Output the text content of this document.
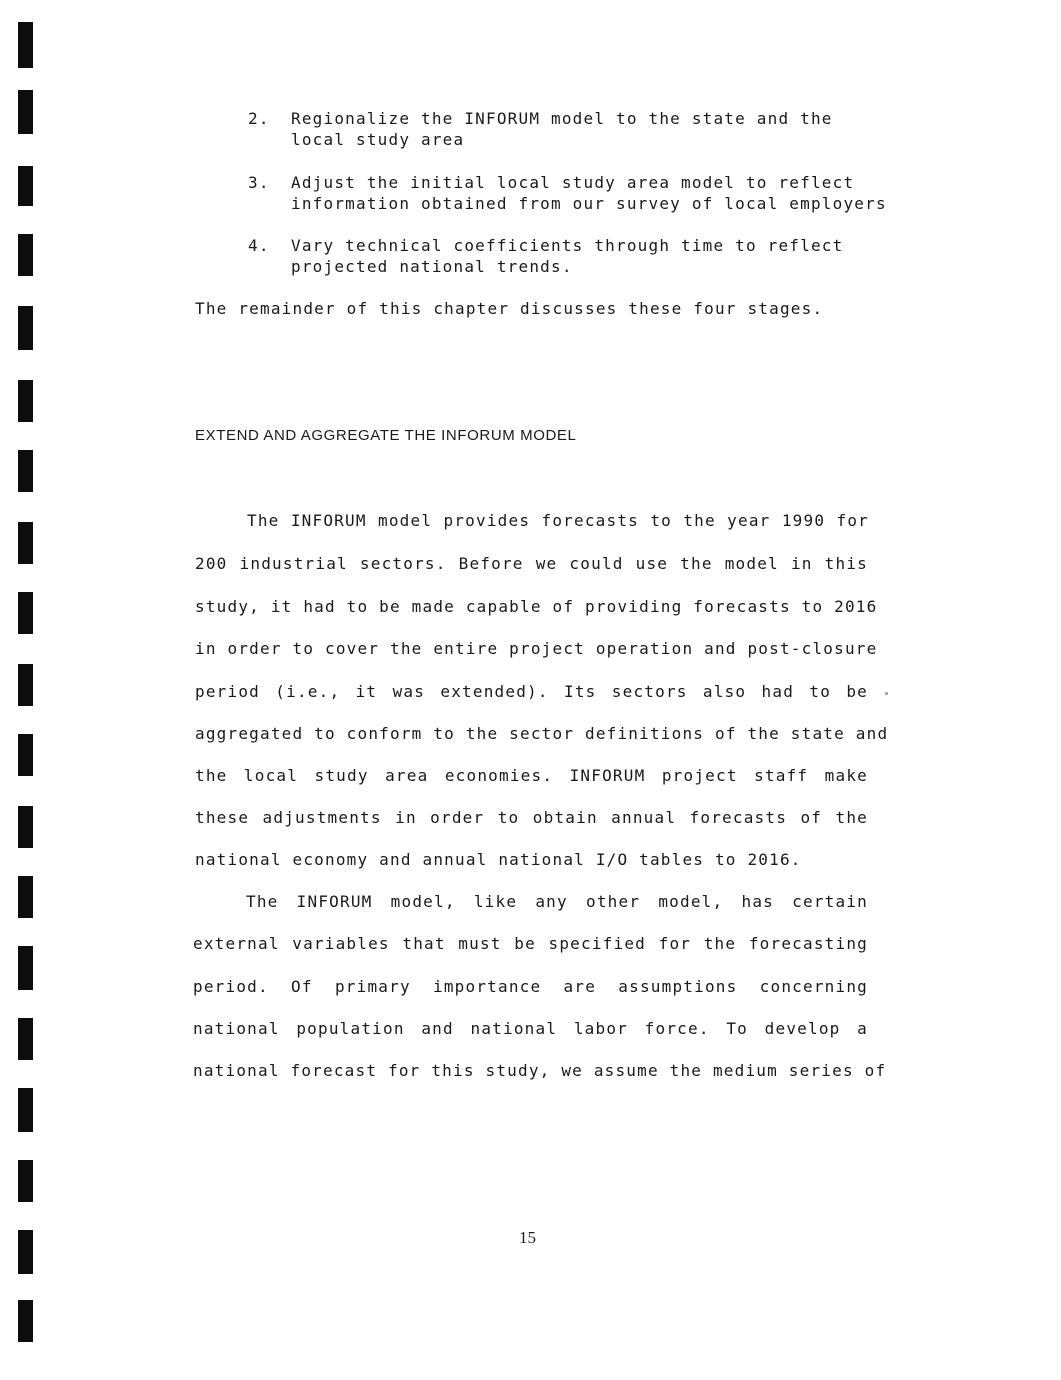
2. Regionalize the INFORUM model to the state and the
local study area
3. Adjust the initial local study area model to reflect
information obtained from our survey of local employers
4. Vary technical coefficients through time to reflect
projected national trends.
The remainder of this chapter discusses these four stages.
EXTEND AND AGGREGATE THE INFORUM MODEL
The INFORUM model provides forecasts to the year 1990 for
200 industrial sectors. Before we could use the model in this
study, it had to be made capable of providing forecasts to 2016
in order to cover the entire project operation and post-closure
period (i.e., it was extended). Its sectors also had to be
aggregated to conform to the sector definitions of the state and
the local study area economies. INFORUM project staff make
these adjustments in order to obtain annual forecasts of the
national economy and annual national I/O tables to 2016.
The INFORUM model, like any other model, has certain
external variables that must be specified for the forecasting
period. Of primary importance are assumptions concerning
national population and national labor force. To develop a
national forecast for this study, we assume the medium series of
15
